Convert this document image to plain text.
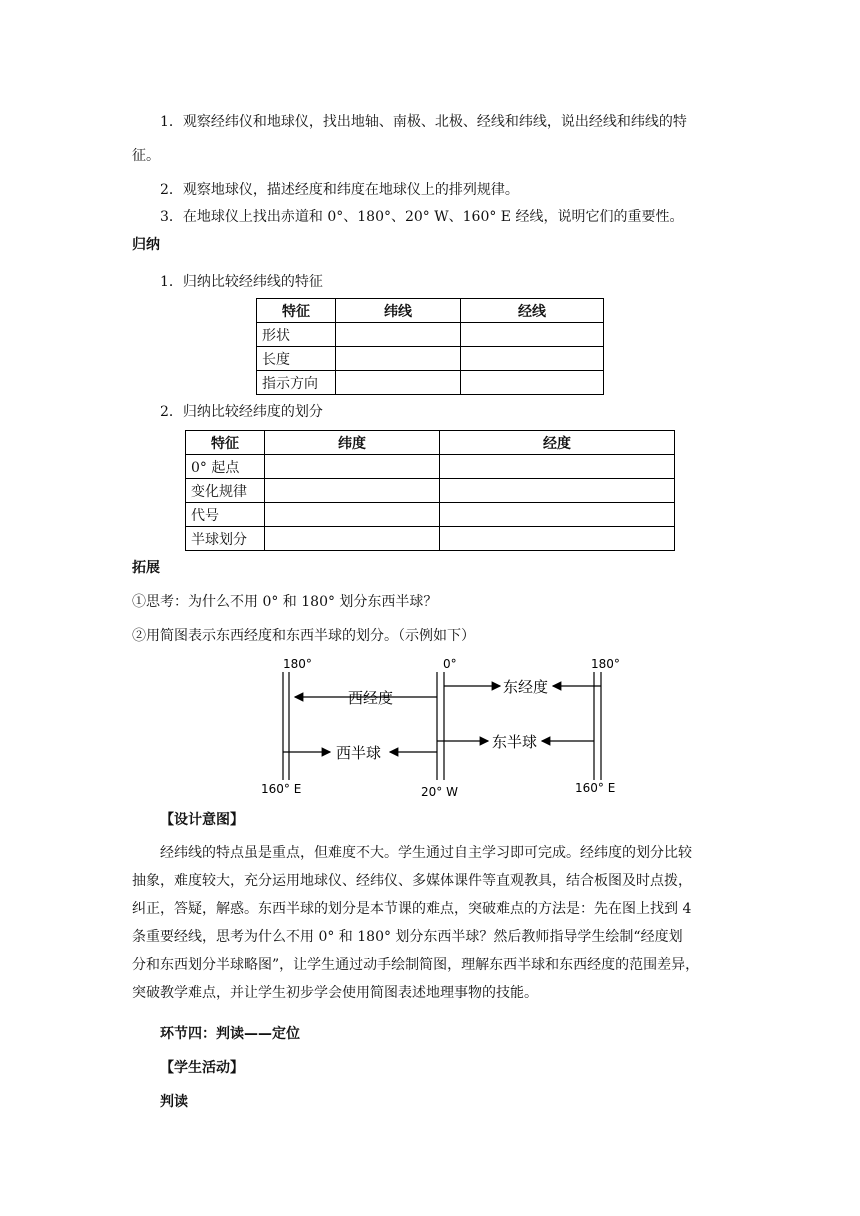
1．观察经纬仪和地球仪，找出地轴、南极、北极、经线和纬线，说出经线和纬线的特
征。
2．观察地球仪，描述经度和纬度在地球仪上的排列规律。
3．在地球仪上找出赤道和 0°、180°、20° W、160° E 经线，说明它们的重要性。
归纳
1．归纳比较经纬线的特征
特征	纬线	经线
形状		
长度		
指示方向		
2．归纳比较经纬度的划分
特征	纬度	经度
0° 起点		
变化规律		
代号		
半球划分		
拓展
①思考：为什么不用 0° 和 180° 划分东西半球？
②用简图表示东西经度和东西半球的划分。（示例如下）
180°	0°	180°
西经度
东经度
西半球
东半球
160° E	20° W	160° E
【设计意图】
经纬线的特点虽是重点，但难度不大。学生通过自主学习即可完成。经纬度的划分比较
抽象，难度较大，充分运用地球仪、经纬仪、多媒体课件等直观教具，结合板图及时点拨，
纠正，答疑，解惑。东西半球的划分是本节课的难点，突破难点的方法是：先在图上找到 4
条重要经线，思考为什么不用 0° 和 180° 划分东西半球？然后教师指导学生绘制“经度划
分和东西划分半球略图”，让学生通过动手绘制简图，理解东西半球和东西经度的范围差异，
突破教学难点，并让学生初步学会使用简图表述地理事物的技能。
环节四：判读——定位
【学生活动】
判读
